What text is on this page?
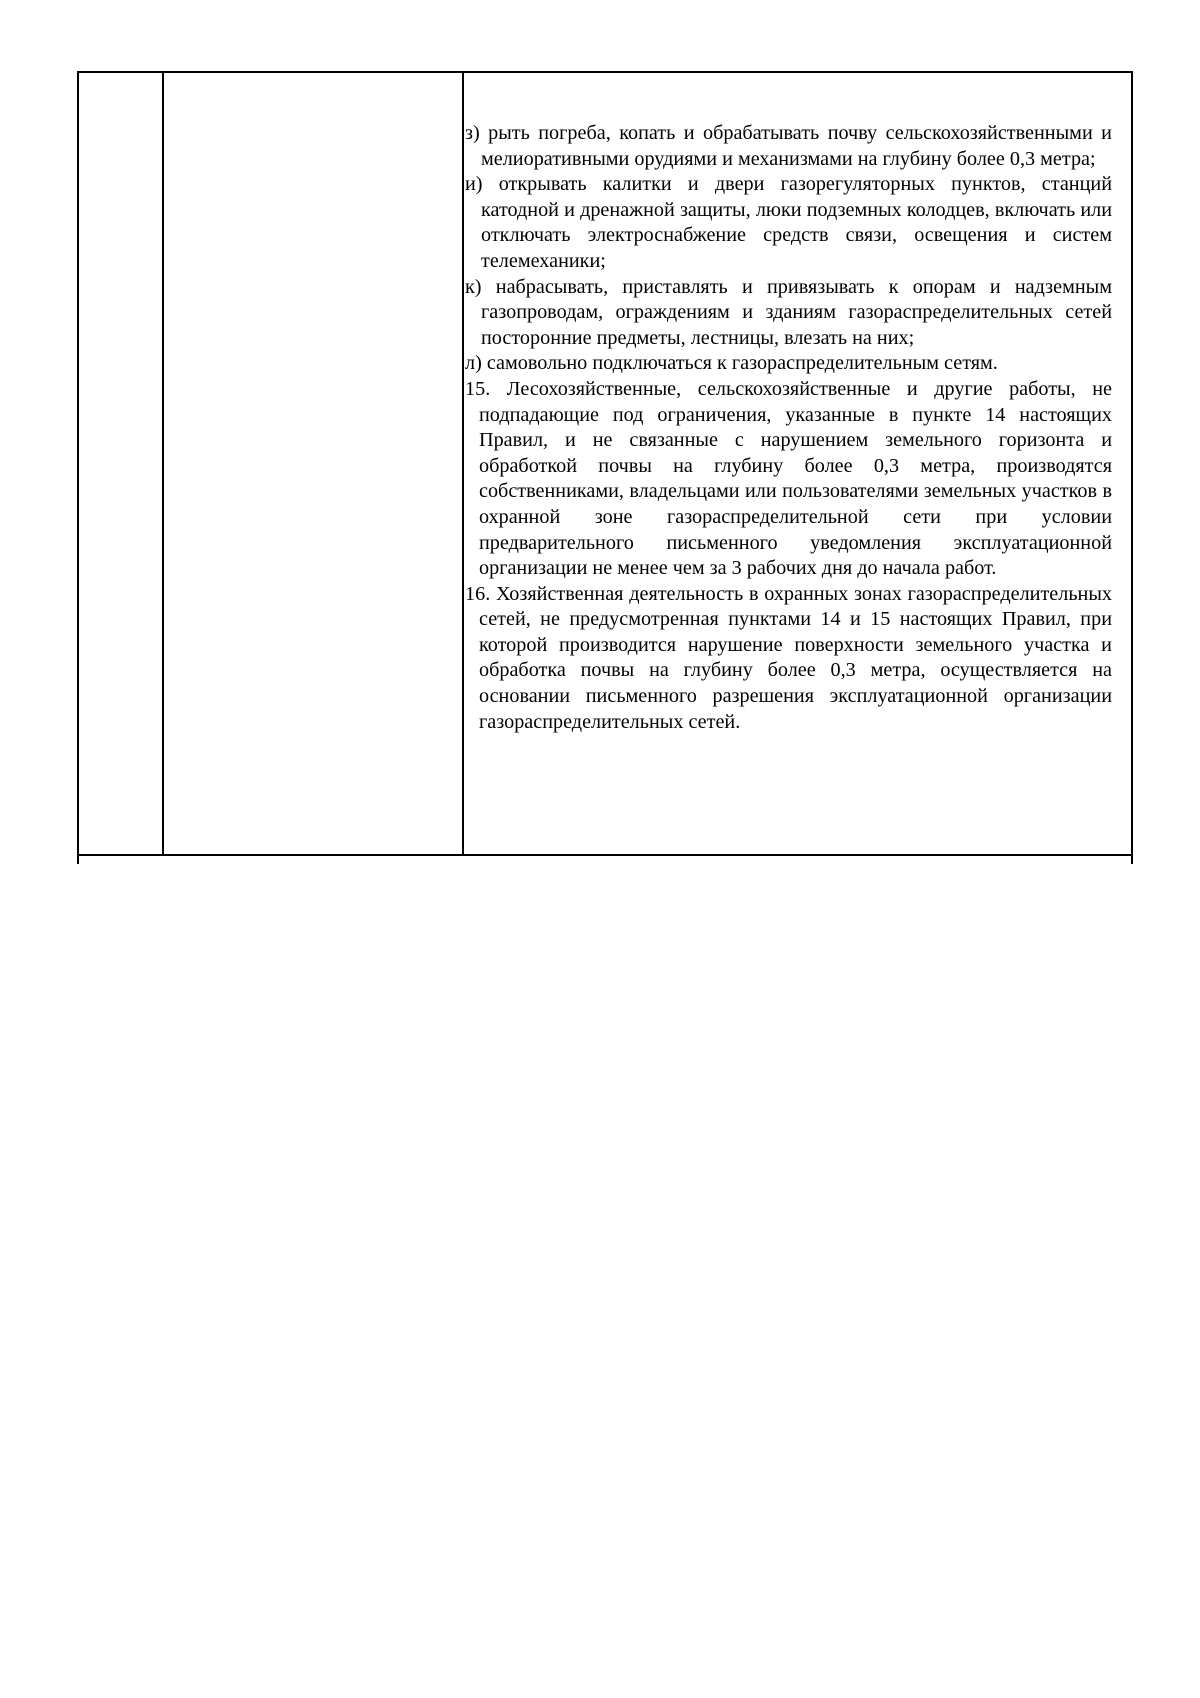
з) рыть погреба, копать и обрабатывать почву сельскохозяйственными и мелиоративными орудиями и механизмами на глубину более 0,3 метра;

и) открывать калитки и двери газорегуляторных пунктов, станций катодной и дренажной защиты, люки подземных колодцев, включать или отключать электроснабжение средств связи, освещения и систем телемеханики;

к) набрасывать, приставлять и привязывать к опорам и надземным газопроводам, ограждениям и зданиям газораспределительных сетей посторонние предметы, лестницы, влезать на них;

л) самовольно подключаться к газораспределительным сетям.

15. Лесохозяйственные, сельскохозяйственные и другие работы, не подпадающие под ограничения, указанные в пункте 14 настоящих Правил, и не связанные с нарушением земельного горизонта и обработкой почвы на глубину более 0,3 метра, производятся собственниками, владельцами или пользователями земельных участков в охранной зоне газораспределительной сети при условии предварительного письменного уведомления эксплуатационной организации не менее чем за 3 рабочих дня до начала работ.

16. Хозяйственная деятельность в охранных зонах газораспределительных сетей, не предусмотренная пунктами 14 и 15 настоящих Правил, при которой производится нарушение поверхности земельного участка и обработка почвы на глубину более 0,3 метра, осуществляется на основании письменного разрешения эксплуатационной организации газораспределительных сетей.
